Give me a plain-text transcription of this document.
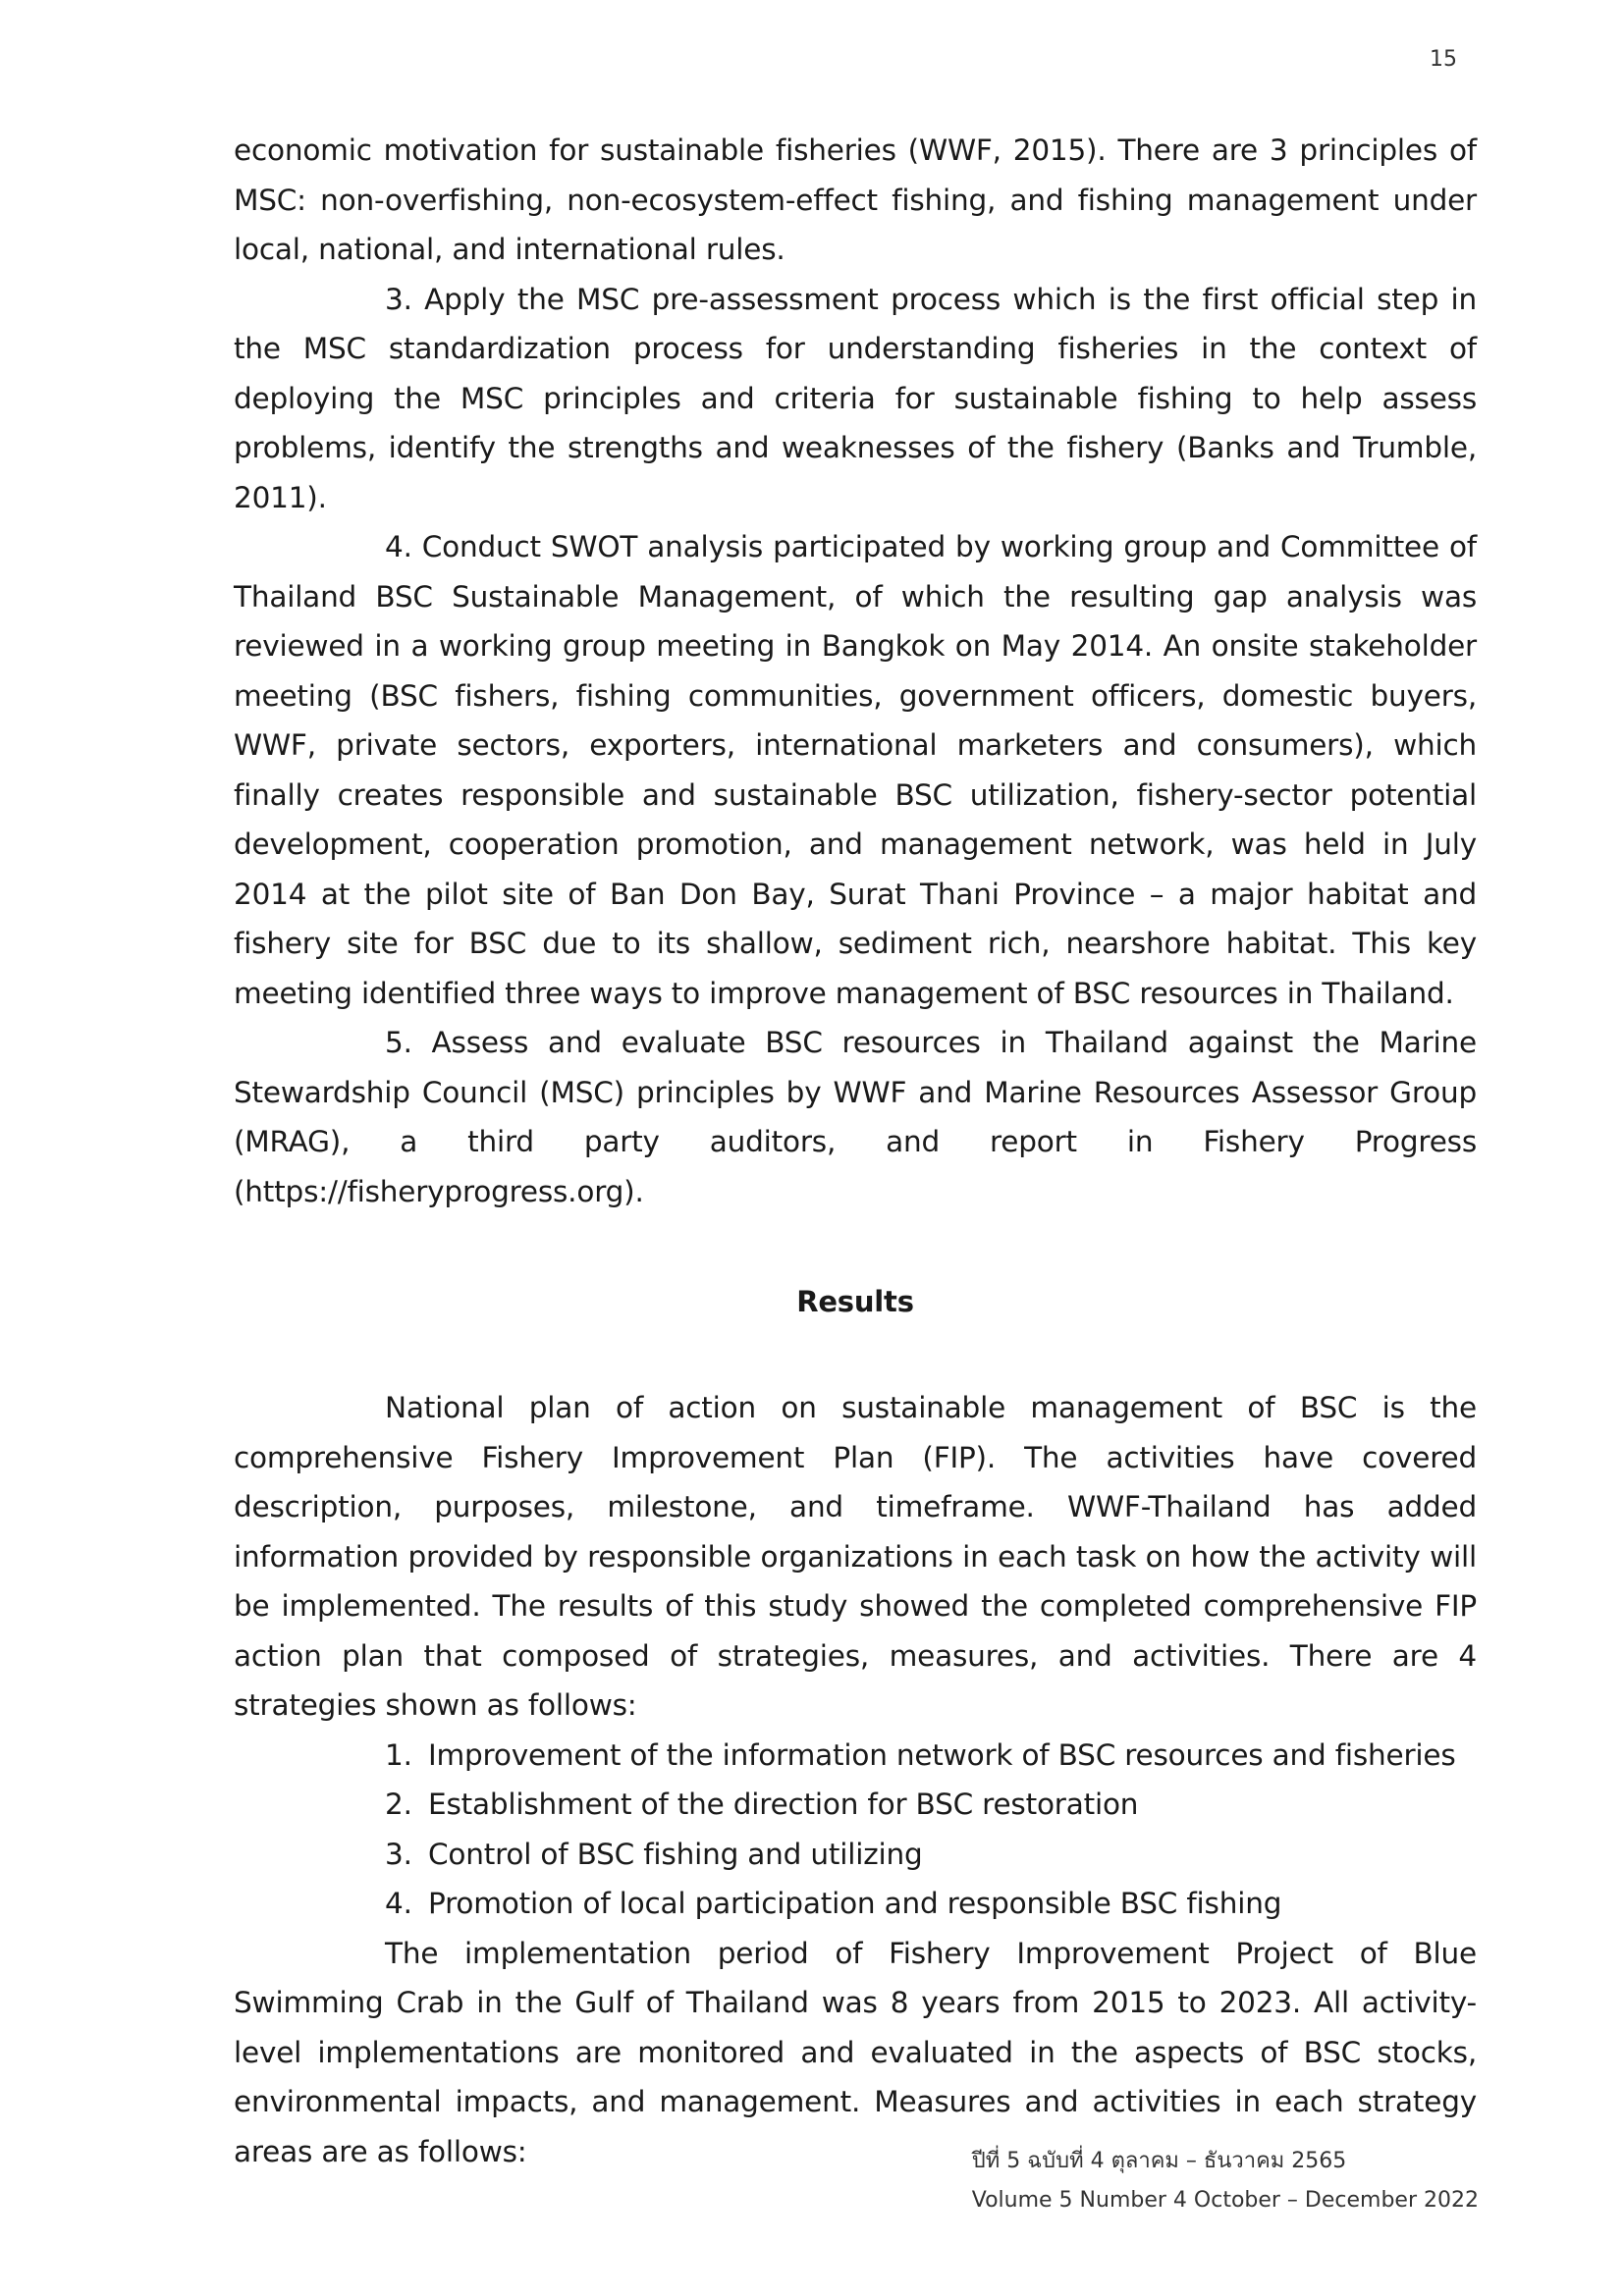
15

economic motivation for sustainable fisheries (WWF, 2015). There are 3 principles of MSC: non-overfishing, non-ecosystem-effect fishing, and fishing management under local, national, and international rules.

3. Apply the MSC pre-assessment process which is the first official step in the MSC standardization process for understanding fisheries in the context of deploying the MSC principles and criteria for sustainable fishing to help assess problems, identify the strengths and weaknesses of the fishery (Banks and Trumble, 2011).

4. Conduct SWOT analysis participated by working group and Committee of Thailand BSC Sustainable Management, of which the resulting gap analysis was reviewed in a working group meeting in Bangkok on May 2014. An onsite stakeholder meeting (BSC fishers, fishing communities, government officers, domestic buyers, WWF, private sectors, exporters, international marketers and consumers), which finally creates responsible and sustainable BSC utilization, fishery-sector potential development, cooperation promotion, and management network, was held in July 2014 at the pilot site of Ban Don Bay, Surat Thani Province – a major habitat and fishery site for BSC due to its shallow, sediment rich, nearshore habitat. This key meeting identified three ways to improve management of BSC resources in Thailand.

5. Assess and evaluate BSC resources in Thailand against the Marine Stewardship Council (MSC) principles by WWF and Marine Resources Assessor Group (MRAG), a third party auditors, and report in Fishery Progress (https://fisheryprogress.org).

Results

National plan of action on sustainable management of BSC is the comprehensive Fishery Improvement Plan (FIP). The activities have covered description, purposes, milestone, and timeframe. WWF-Thailand has added information provided by responsible organizations in each task on how the activity will be implemented. The results of this study showed the completed comprehensive FIP action plan that composed of strategies, measures, and activities. There are 4 strategies shown as follows:

1. Improvement of the information network of BSC resources and fisheries
2. Establishment of the direction for BSC restoration
3. Control of BSC fishing and utilizing
4. Promotion of local participation and responsible BSC fishing

The implementation period of Fishery Improvement Project of Blue Swimming Crab in the Gulf of Thailand was 8 years from 2015 to 2023. All activity-level implementations are monitored and evaluated in the aspects of BSC stocks, environmental impacts, and management. Measures and activities in each strategy areas are as follows:	ปีที่ 5 ฉบับที่ 4 ตุลาคม – ธันวาคม 2565
Volume 5 Number 4 October – December 2022
